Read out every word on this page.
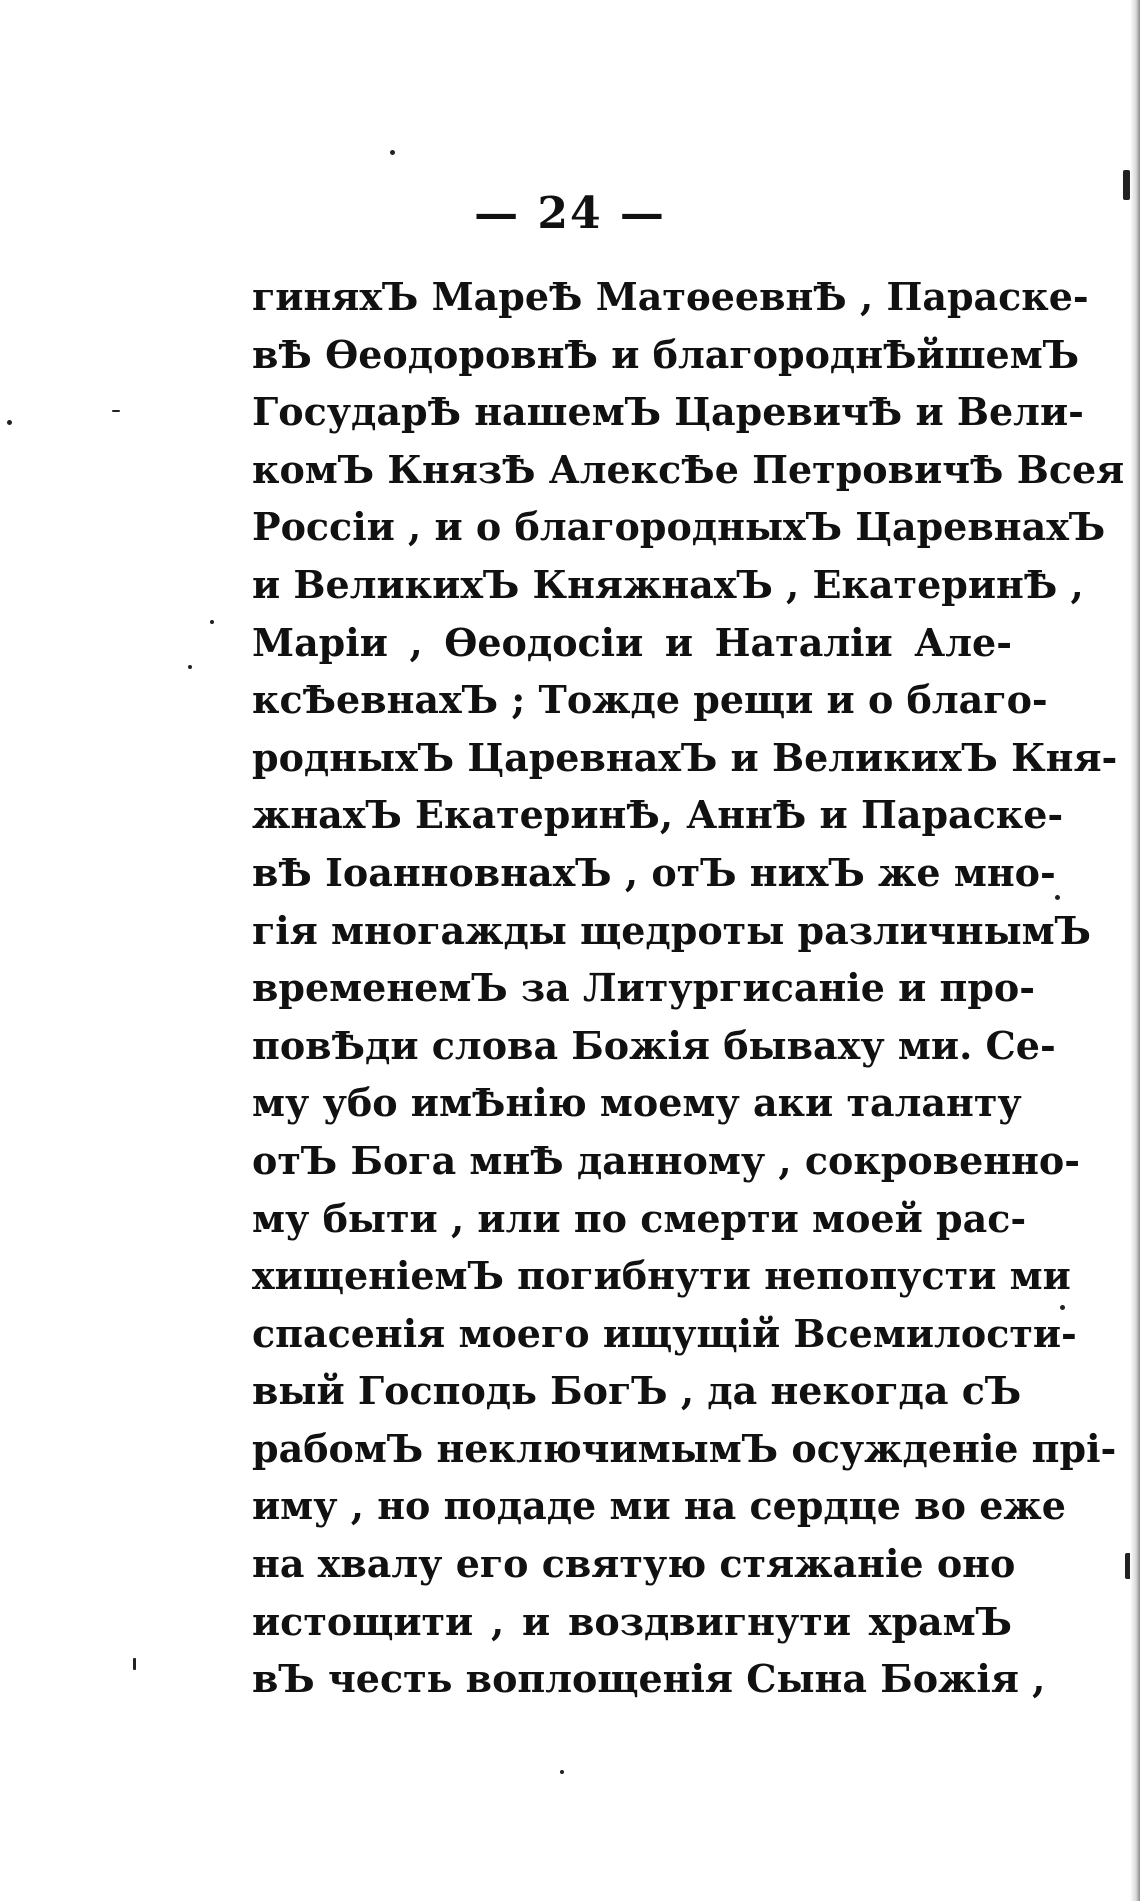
— 24 —
гиняхЪ МареѢ МатѳеевнѢ , Параске-
вѢ ѲеодоровнѢ и благороднѢйшемЪ
ГосударѢ нашемЪ ЦаревичѢ и Вели-
комЪ КнязѢ АлексѢе ПетровичѢ Всея
Россіи , и о благородныхЪ ЦаревнахЪ
и ВеликихЪ КняжнахЪ , ЕкатеринѢ ,
Маріи , Ѳеодосіи и Наталіи Але-
ксѢевнахЪ ; Тожде рещи и о благо-
родныхЪ ЦаревнахЪ и ВеликихЪ Кня-
жнахЪ ЕкатеринѢ, АннѢ и Параске-
вѢ ІоанновнахЪ , отЪ нихЪ же мно-
гія многажды щедроты различнымЪ
временемЪ за Литургисаніе и про-
повѢди слова Божія бываху ми. Се-
му убо имѢнію моему аки таланту
отЪ Бога мнѢ данному , сокровенно-
му быти , или по смерти моей рас-
хищеніемЪ погибнути непопусти ми
спасенія моего ищущій Всемилости-
вый Господь БогЪ , да некогда сЪ
рабомЪ неключимымЪ осужденіе прі-
иму , но подаде ми на сердце во еже
на хвалу его святую стяжаніе оно
истощити , и воздвигнути храмЪ
вЪ честь воплощенія Сына Божія ,
